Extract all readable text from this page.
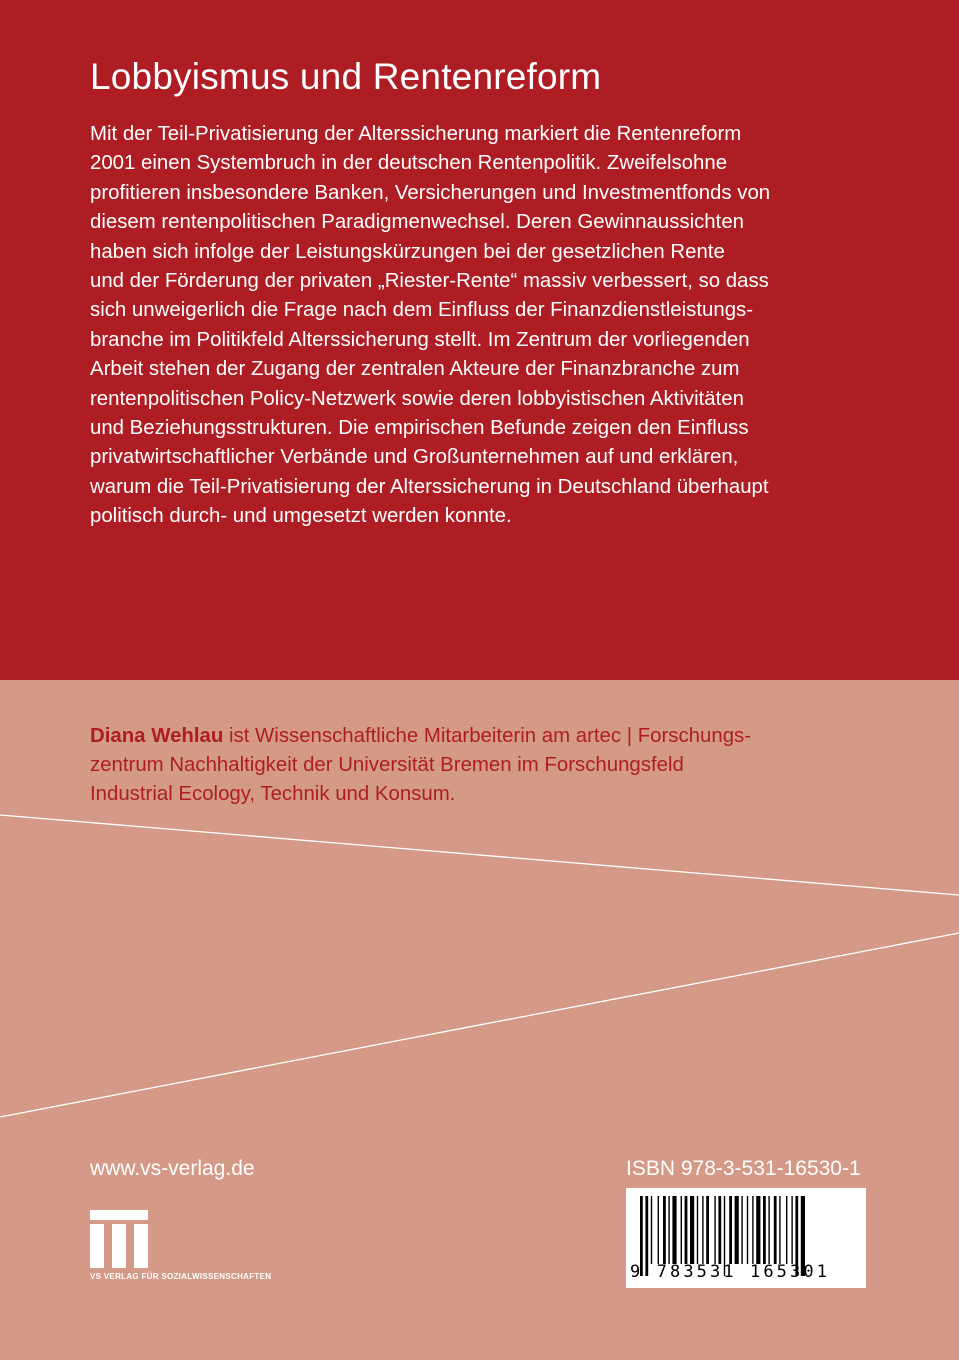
Lobbyismus und Rentenreform
Mit der Teil-Privatisierung der Alterssicherung markiert die Rentenreform
2001 einen Systembruch in der deutschen Rentenpolitik. Zweifelsohne
profitieren insbesondere Banken, Versicherungen und Investmentfonds von
diesem rentenpolitischen Paradigmenwechsel. Deren Gewinnaussichten
haben sich infolge der Leistungskürzungen bei der gesetzlichen Rente
und der Förderung der privaten „Riester-Rente“ massiv verbessert, so dass
sich unweigerlich die Frage nach dem Einfluss der Finanzdienstleistungs-
branche im Politikfeld Alterssicherung stellt. Im Zentrum der vorliegenden
Arbeit stehen der Zugang der zentralen Akteure der Finanzbranche zum
rentenpolitischen Policy-Netzwerk sowie deren lobbyistischen Aktivitäten
und Beziehungsstrukturen. Die empirischen Befunde zeigen den Einfluss
privatwirtschaftlicher Verbände und Großunternehmen auf und erklären,
warum die Teil-Privatisierung der Alterssicherung in Deutschland überhaupt
politisch durch- und umgesetzt werden konnte.
Diana Wehlau ist Wissenschaftliche Mitarbeiterin am artec | Forschungs-
zentrum Nachhaltigkeit der Universität Bremen im Forschungsfeld
Industrial Ecology, Technik und Konsum.
www.vs-verlag.de
VS VERLAG FÜR SOZIALWISSENSCHAFTEN
ISBN 978-3-531-16530-1
9 783531 165301
